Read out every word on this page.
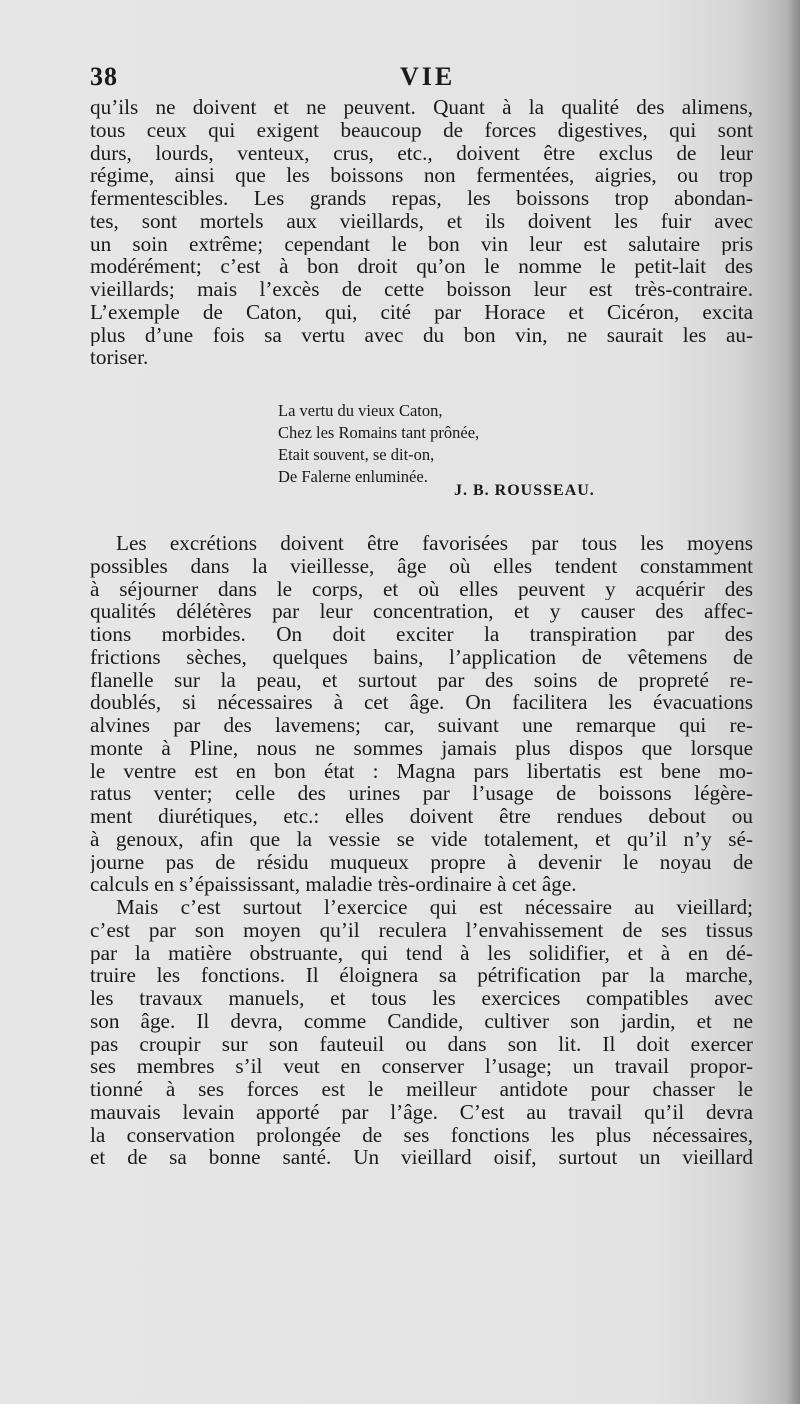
38	VIE
qu’ils ne doivent et ne peuvent. Quant à la qualité des alimens,
tous ceux qui exigent beaucoup de forces digestives, qui sont
durs, lourds, venteux, crus, etc., doivent être exclus de leur
régime, ainsi que les boissons non fermentées, aigries, ou trop
fermentescibles. Les grands repas, les boissons trop abondan-
tes, sont mortels aux vieillards, et ils doivent les fuir avec
un soin extrême; cependant le bon vin leur est salutaire pris
modérément; c’est à bon droit qu’on le nomme le petit-lait des
vieillards; mais l’excès de cette boisson leur est très-contraire.
L’exemple de Caton, qui, cité par Horace et Cicéron, excita
plus d’une fois sa vertu avec du bon vin, ne saurait les au-
toriser.
La vertu du vieux Caton,
Chez les Romains tant prônée,
Etait souvent, se dit-on,
De Falerne enluminée.
J. B. ROUSSEAU.
Les excrétions doivent être favorisées par tous les moyens
possibles dans la vieillesse, âge où elles tendent constamment
à séjourner dans le corps, et où elles peuvent y acquérir des
qualités délétères par leur concentration, et y causer des affec-
tions morbides. On doit exciter la transpiration par des
frictions sèches, quelques bains, l’application de vêtemens de
flanelle sur la peau, et surtout par des soins de propreté re-
doublés, si nécessaires à cet âge. On facilitera les évacuations
alvines par des lavemens; car, suivant une remarque qui re-
monte à Pline, nous ne sommes jamais plus dispos que lorsque
le ventre est en bon état : Magna pars libertatis est bene mo-
ratus venter; celle des urines par l’usage de boissons légère-
ment diurétiques, etc.: elles doivent être rendues debout ou
à genoux, afin que la vessie se vide totalement, et qu’il n’y sé-
journe pas de résidu muqueux propre à devenir le noyau de
calculs en s’épaississant, maladie très-ordinaire à cet âge.
Mais c’est surtout l’exercice qui est nécessaire au vieillard;
c’est par son moyen qu’il reculera l’envahissement de ses tissus
par la matière obstruante, qui tend à les solidifier, et à en dé-
truire les fonctions. Il éloignera sa pétrification par la marche,
les travaux manuels, et tous les exercices compatibles avec
son âge. Il devra, comme Candide, cultiver son jardin, et ne
pas croupir sur son fauteuil ou dans son lit. Il doit exercer
ses membres s’il veut en conserver l’usage; un travail propor-
tionné à ses forces est le meilleur antidote pour chasser le
mauvais levain apporté par l’âge. C’est au travail qu’il devra
la conservation prolongée de ses fonctions les plus nécessaires,
et de sa bonne santé. Un vieillard oisif, surtout un vieillard
